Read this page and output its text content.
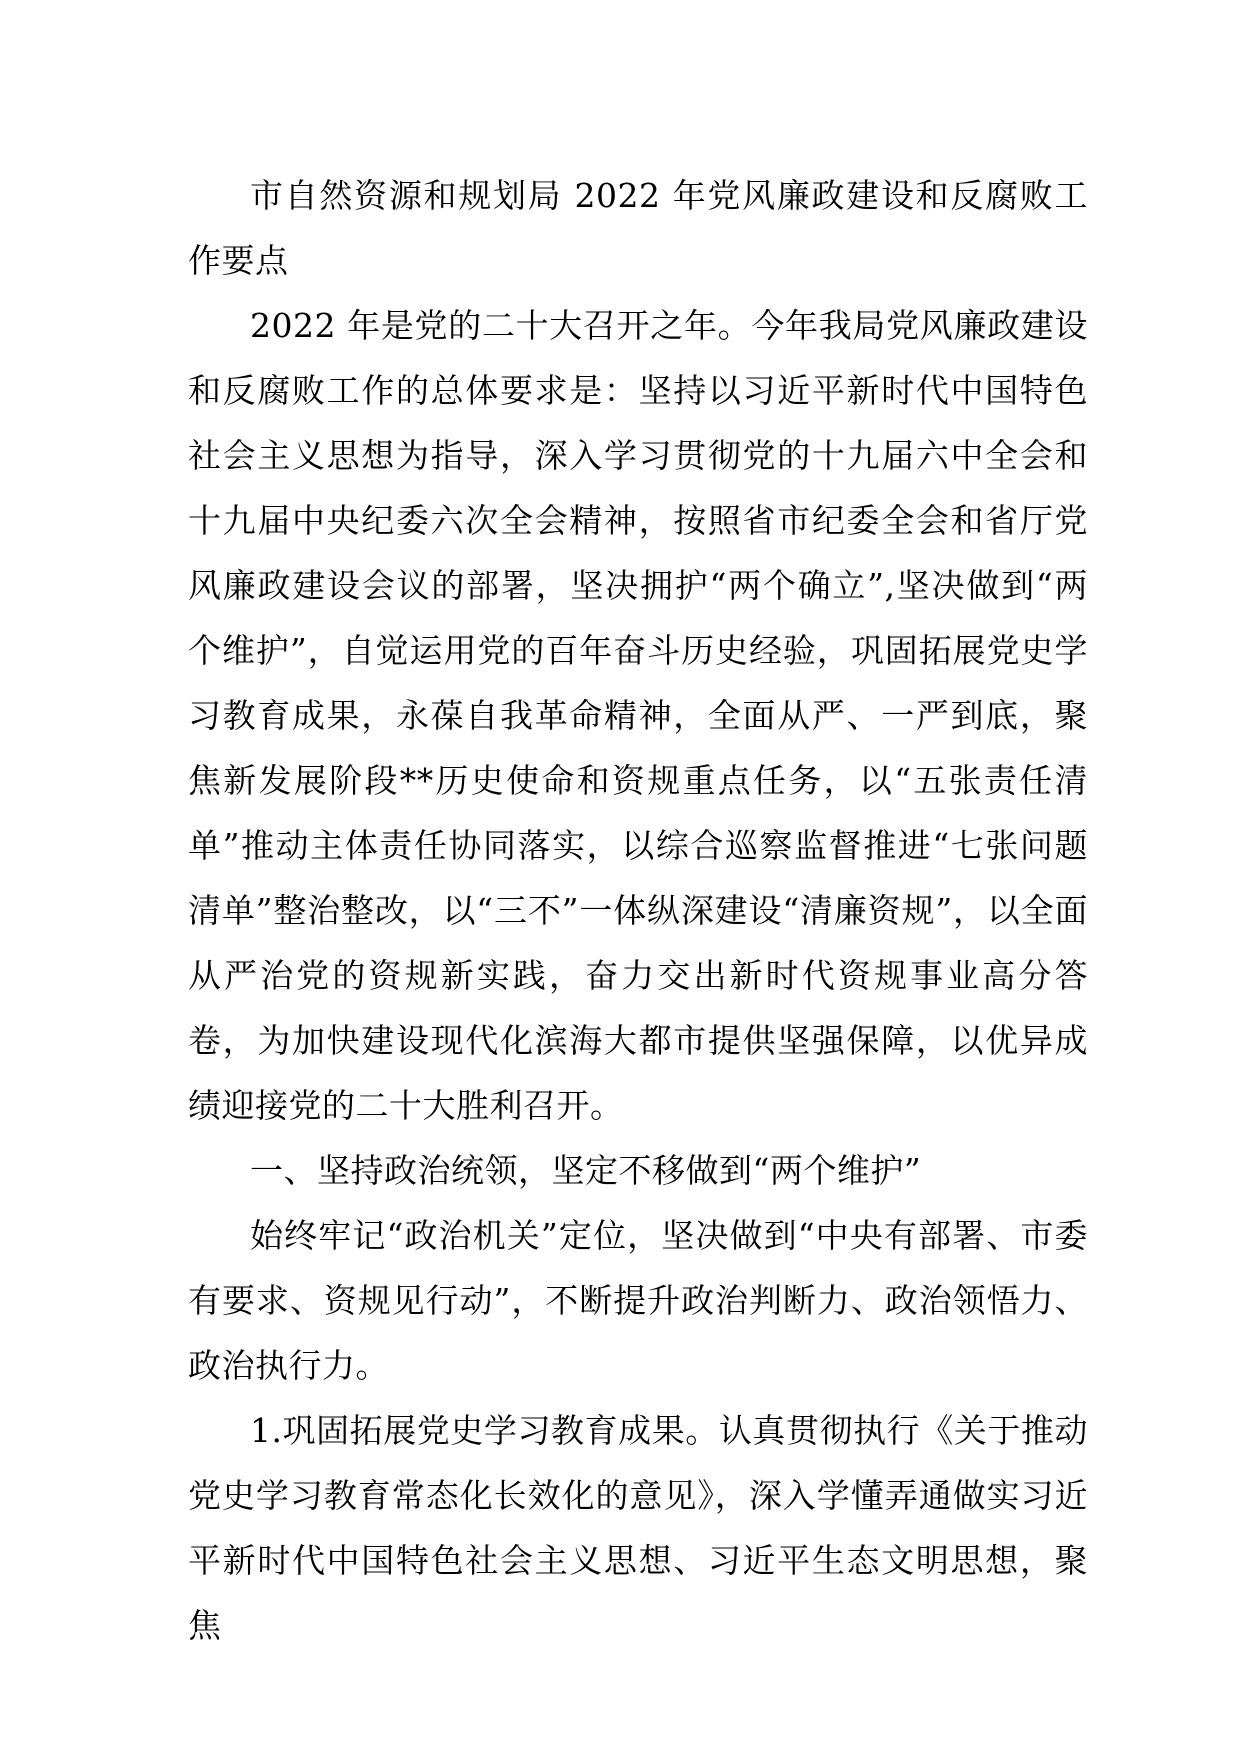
市自然资源和规划局 2022 年党风廉政建设和反腐败工作要点

2022 年是党的二十大召开之年。今年我局党风廉政建设和反腐败工作的总体要求是：坚持以习近平新时代中国特色社会主义思想为指导，深入学习贯彻党的十九届六中全会和十九届中央纪委六次全会精神，按照省市纪委全会和省厅党风廉政建设会议的部署，坚决拥护“两个确立”,坚决做到“两个维护”，自觉运用党的百年奋斗历史经验，巩固拓展党史学习教育成果，永葆自我革命精神，全面从严、一严到底，聚焦新发展阶段**历史使命和资规重点任务，以“五张责任清单”推动主体责任协同落实，以综合巡察监督推进“七张问题清单”整治整改，以“三不”一体纵深建设“清廉资规”，以全面从严治党的资规新实践，奋力交出新时代资规事业高分答卷，为加快建设现代化滨海大都市提供坚强保障，以优异成绩迎接党的二十大胜利召开。

一、坚持政治统领，坚定不移做到“两个维护”

始终牢记“政治机关”定位，坚决做到“中央有部署、市委有要求、资规见行动”，不断提升政治判断力、政治领悟力、政治执行力。

1.巩固拓展党史学习教育成果。认真贯彻执行《关于推动党史学习教育常态化长效化的意见》，深入学懂弄通做实习近平新时代中国特色社会主义思想、习近平生态文明思想，聚焦
